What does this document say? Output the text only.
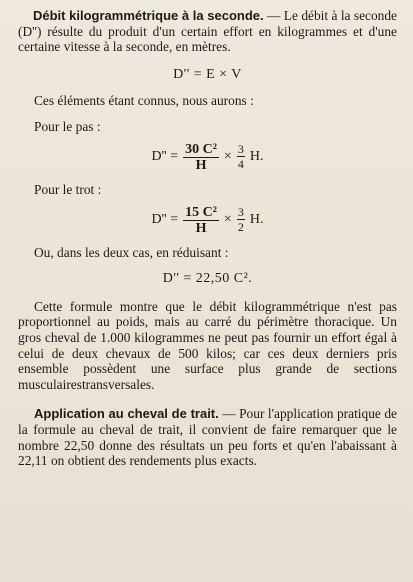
Débit kilogrammétrique à la seconde. — Le débit à la seconde (D'') résulte du produit d'un certain effort en kilogrammes et d'une certaine vitesse à la seconde, en mètres.

D'' = E × V

Ces éléments étant connus, nous aurons :

Pour le pas :

$D'' = \frac{\text{30 C²}}{H} \times \frac{3}{4} H$.

Pour le trot :

$D'' = \frac{\text{15 C²}}{H} \times \frac{3}{2} H$.

Ou, dans les deux cas, en réduisant :

D'' = 22,50 C².

Cette formule montre que le débit kilogrammétrique n'est pas proportionnel au poids, mais au carré du périmètre thoracique. Un gros cheval de 1.000 kilogrammes ne peut pas fournir un effort égal à celui de deux chevaux de 500 kilos; car ces deux derniers pris ensemble possèdent une surface plus grande de sections musculairestransversales.

Application au cheval de trait. — Pour l'application pratique de la formule au cheval de trait, il convient de faire remarquer que le nombre 22,50 donne des résultats un peu forts et qu'en l'abaissant à 22,11 on obtient des rendements plus exacts.
